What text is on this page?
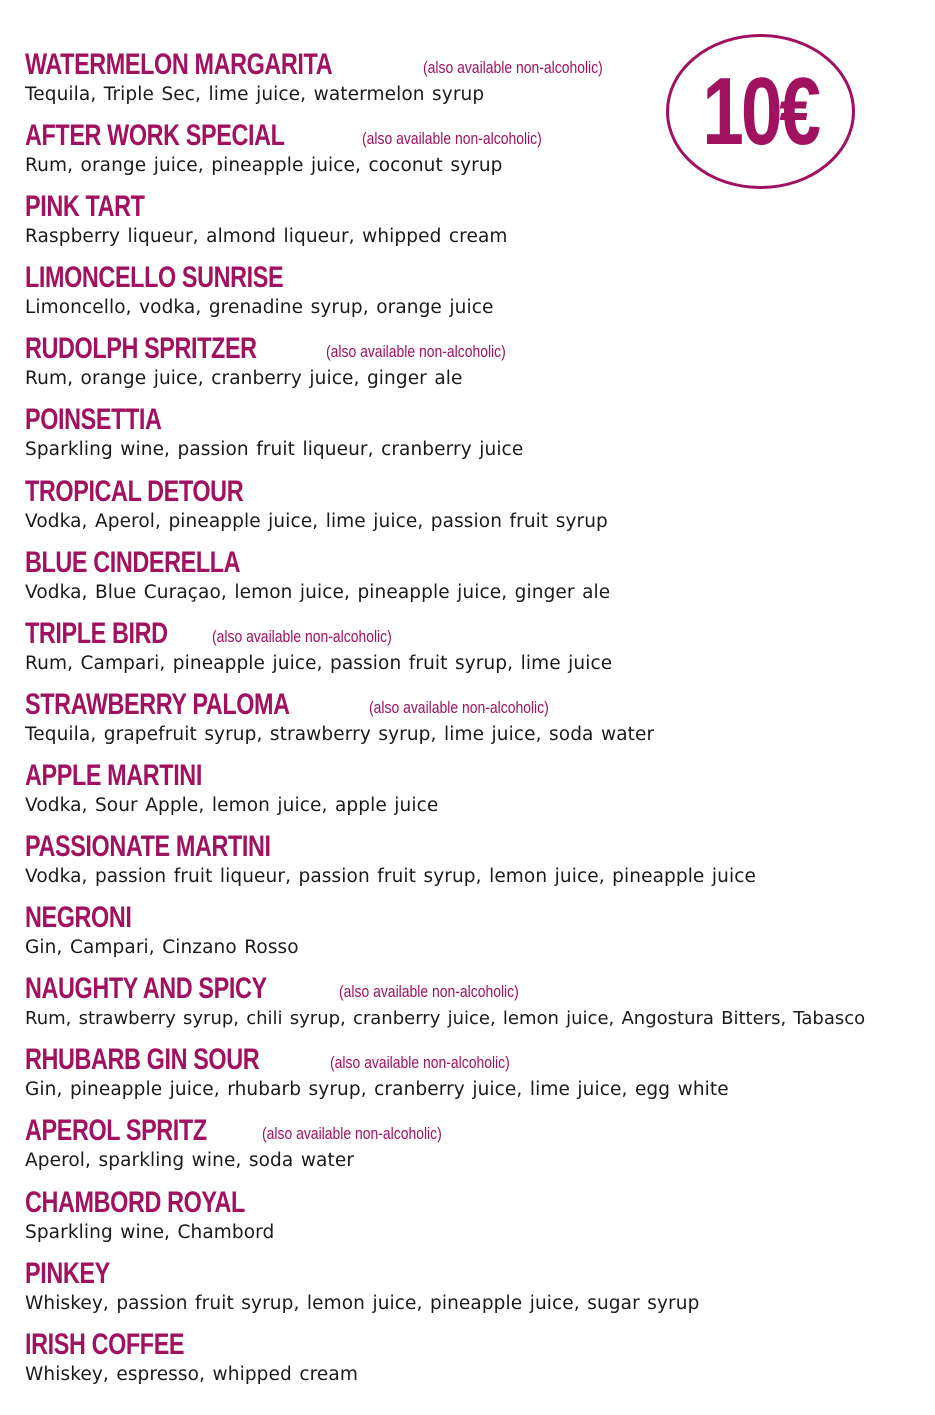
10€
WATERMELON MARGARITA	(also available non-alcoholic)
Tequila, Triple Sec, lime juice, watermelon syrup
AFTER WORK SPECIAL	(also available non-alcoholic)
Rum, orange juice, pineapple juice, coconut syrup
PINK TART
Raspberry liqueur, almond liqueur, whipped cream
LIMONCELLO SUNRISE
Limoncello, vodka, grenadine syrup, orange juice
RUDOLPH SPRITZER	(also available non-alcoholic)
Rum, orange juice, cranberry juice, ginger ale
POINSETTIA
Sparkling wine, passion fruit liqueur, cranberry juice
TROPICAL DETOUR
Vodka, Aperol, pineapple juice, lime juice, passion fruit syrup
BLUE CINDERELLA
Vodka, Blue Curaçao, lemon juice, pineapple juice, ginger ale
TRIPLE BIRD	(also available non-alcoholic)
Rum, Campari, pineapple juice, passion fruit syrup, lime juice
STRAWBERRY PALOMA	(also available non-alcoholic)
Tequila, grapefruit syrup, strawberry syrup, lime juice, soda water
APPLE MARTINI
Vodka, Sour Apple, lemon juice, apple juice
PASSIONATE MARTINI
Vodka, passion fruit liqueur, passion fruit syrup, lemon juice, pineapple juice
NEGRONI
Gin, Campari, Cinzano Rosso
NAUGHTY AND SPICY	(also available non-alcoholic)
Rum, strawberry syrup, chili syrup, cranberry juice, lemon juice, Angostura Bitters, Tabasco
RHUBARB GIN SOUR	(also available non-alcoholic)
Gin, pineapple juice, rhubarb syrup, cranberry juice, lime juice, egg white
APEROL SPRITZ	(also available non-alcoholic)
Aperol, sparkling wine, soda water
CHAMBORD ROYAL
Sparkling wine, Chambord
PINKEY
Whiskey, passion fruit syrup, lemon juice, pineapple juice, sugar syrup
IRISH COFFEE
Whiskey, espresso, whipped cream
